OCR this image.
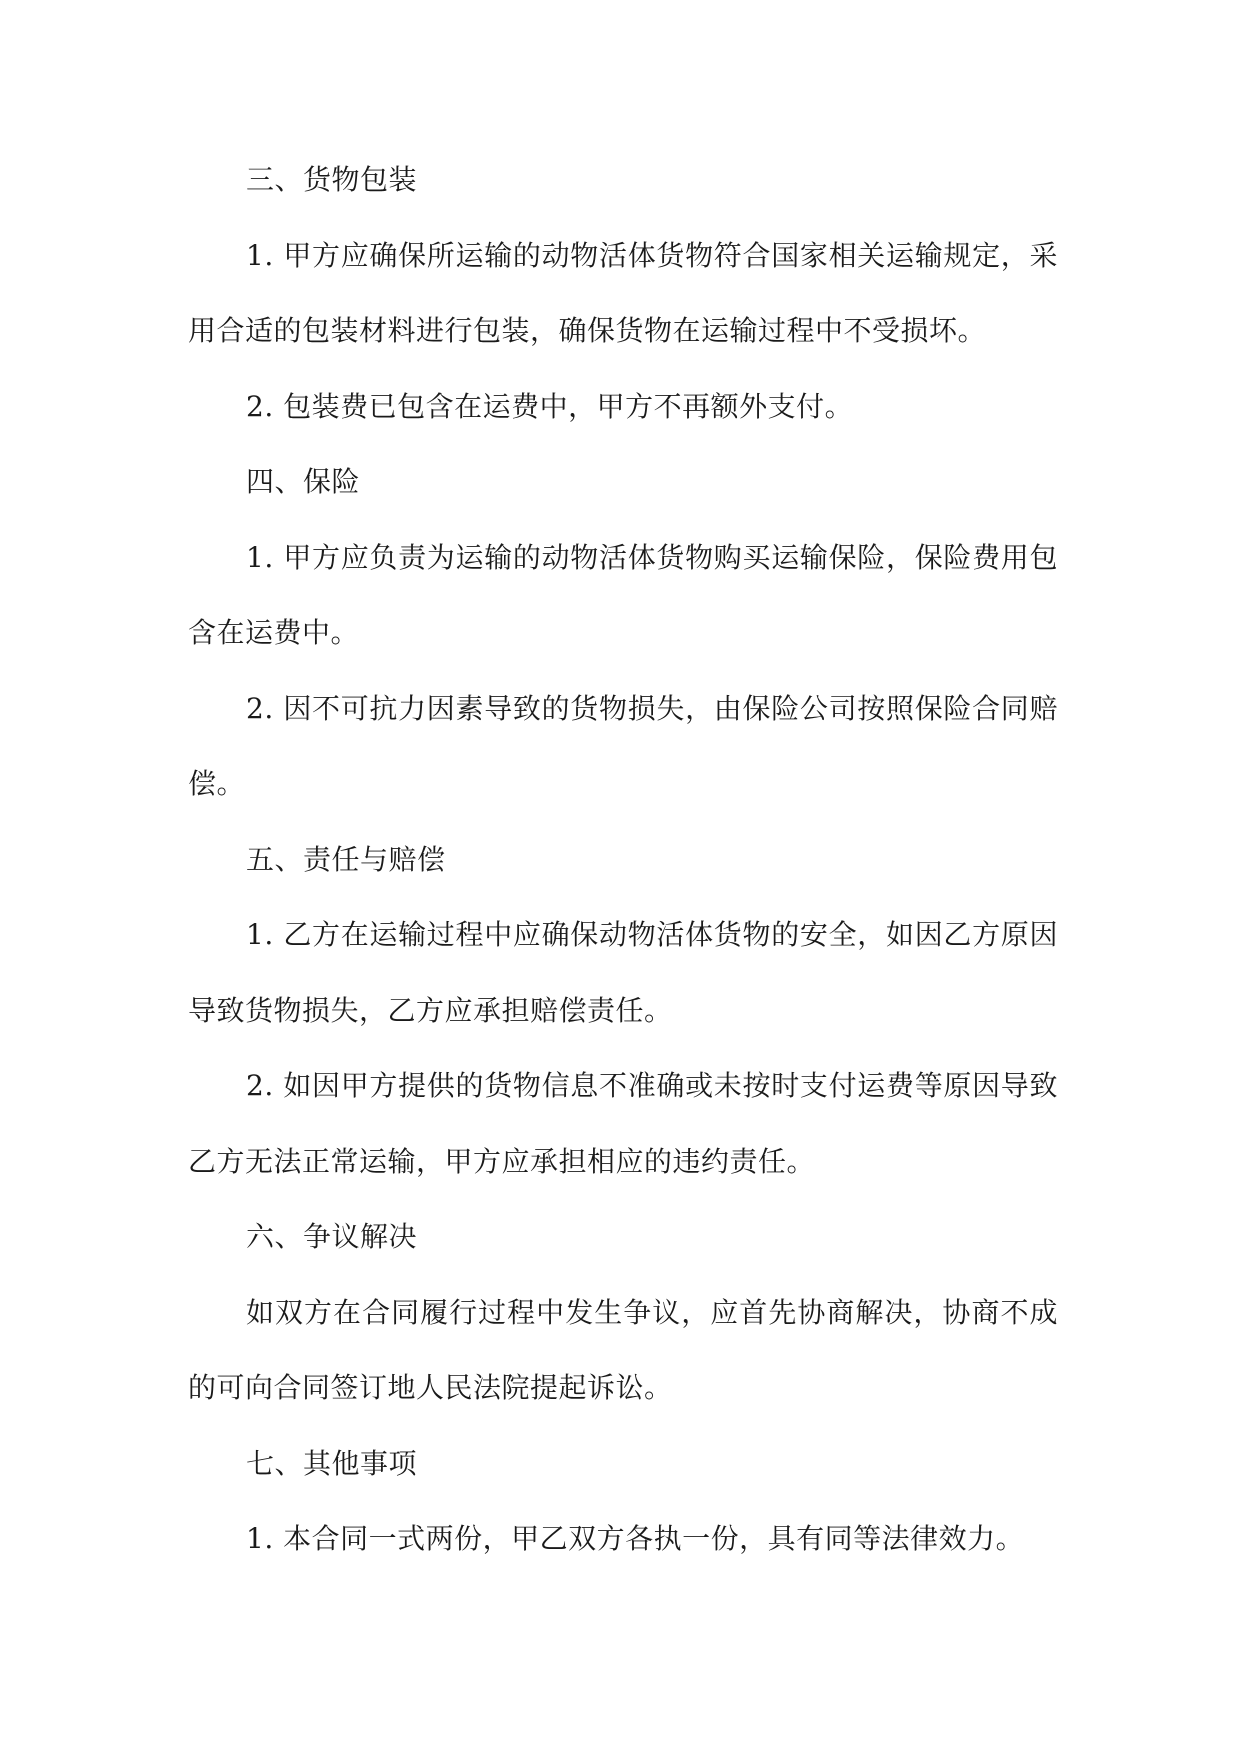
三、货物包装

1. 甲方应确保所运输的动物活体货物符合国家相关运输规定，采用合适的包装材料进行包装，确保货物在运输过程中不受损坏。

2. 包装费已包含在运费中，甲方不再额外支付。

四、保险

1. 甲方应负责为运输的动物活体货物购买运输保险，保险费用包含在运费中。

2. 因不可抗力因素导致的货物损失，由保险公司按照保险合同赔偿。

五、责任与赔偿

1. 乙方在运输过程中应确保动物活体货物的安全，如因乙方原因导致货物损失，乙方应承担赔偿责任。

2. 如因甲方提供的货物信息不准确或未按时支付运费等原因导致乙方无法正常运输，甲方应承担相应的违约责任。

六、争议解决

如双方在合同履行过程中发生争议，应首先协商解决，协商不成的可向合同签订地人民法院提起诉讼。

七、其他事项

1. 本合同一式两份，甲乙双方各执一份，具有同等法律效力。
